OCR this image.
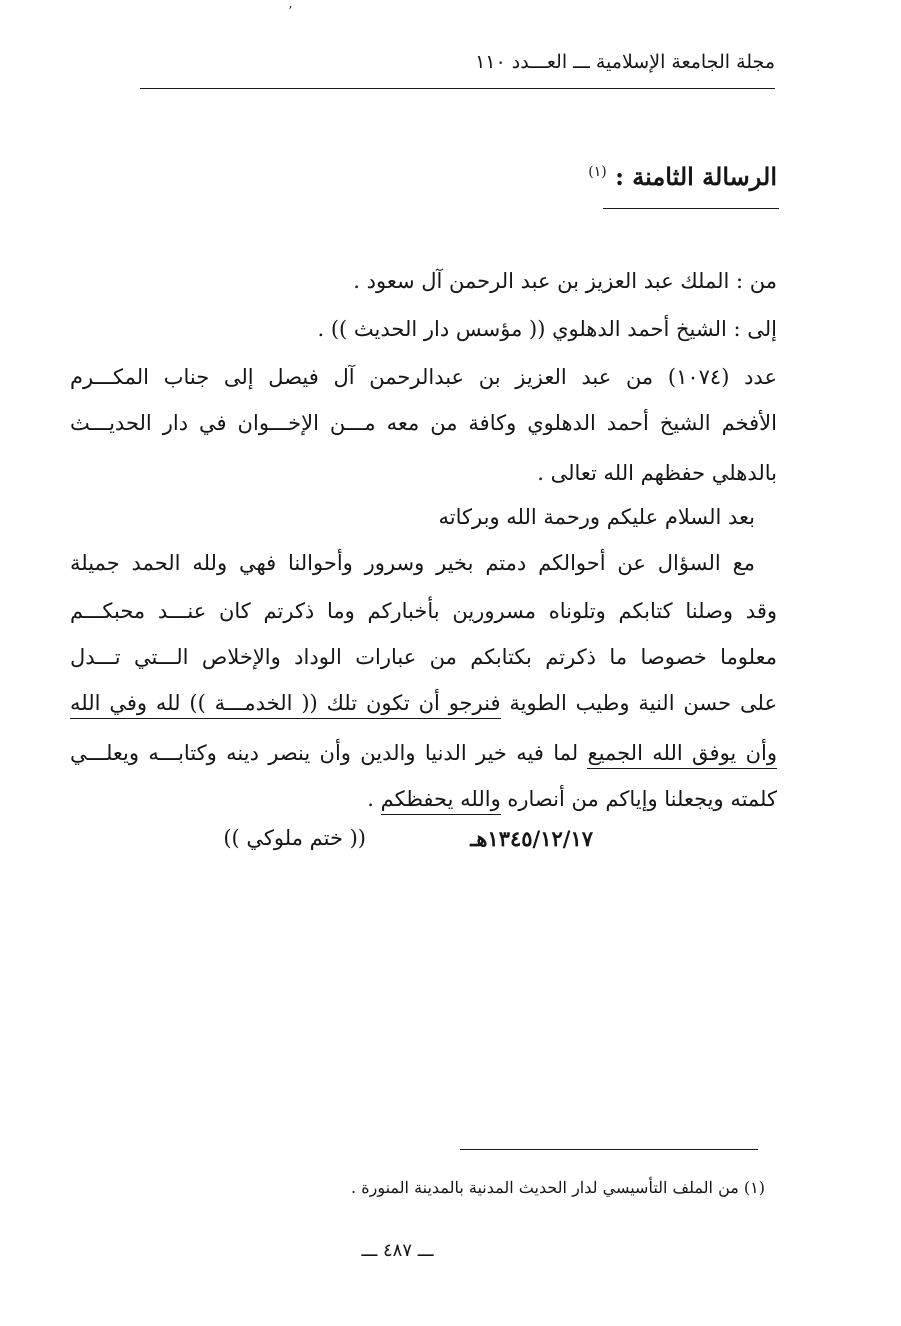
ʼ
مجلة الجامعة الإسلامية ـــ العـــدد ١١٠
الرسالة الثامنة : $^{(١)}$
من : الملك عبد العزيز بن عبد الرحمن آل سعود .
إلى : الشيخ أحمد الدهلوي (( مؤسس دار الحديث )) .
عدد (١٠٧٤) من عبد العزيز بن عبدالرحمن آل فيصل إلى جناب المكـــرم
الأفخم الشيخ أحمد الدهلوي وكافة من معه مـــن الإخـــوان في دار الحديـــث
بالدهلي حفظهم الله تعالى .
بعد السلام عليكم ورحمة الله وبركاته
مع السؤال عن أحوالكم دمتم بخير وسرور وأحوالنا فهي ولله الحمد جميلة
وقد وصلنا كتابكم وتلوناه مسرورين بأخباركم وما ذكرتم كان عنـــد محبكـــم
معلوما خصوصا ما ذكرتم بكتابكم من عبارات الوداد والإخلاص الـــتي تـــدل
على حسن النية وطيب الطوية فنرجو أن تكون تلك (( الخدمـــة )) لله وفي الله
وأن يوفق الله الجميع لما فيه خير الدنيا والدين وأن ينصر دينه وكتابـــه ويعلـــي
كلمته ويجعلنا وإياكم من أنصاره والله يحفظكم .
١٣٤٥/١٢/١٧هـ
(( ختم ملوكي ))
(١) من الملف التأسيسي لدار الحديث المدنية بالمدينة المنورة .
ـــ ٤٨٧ ـــ
